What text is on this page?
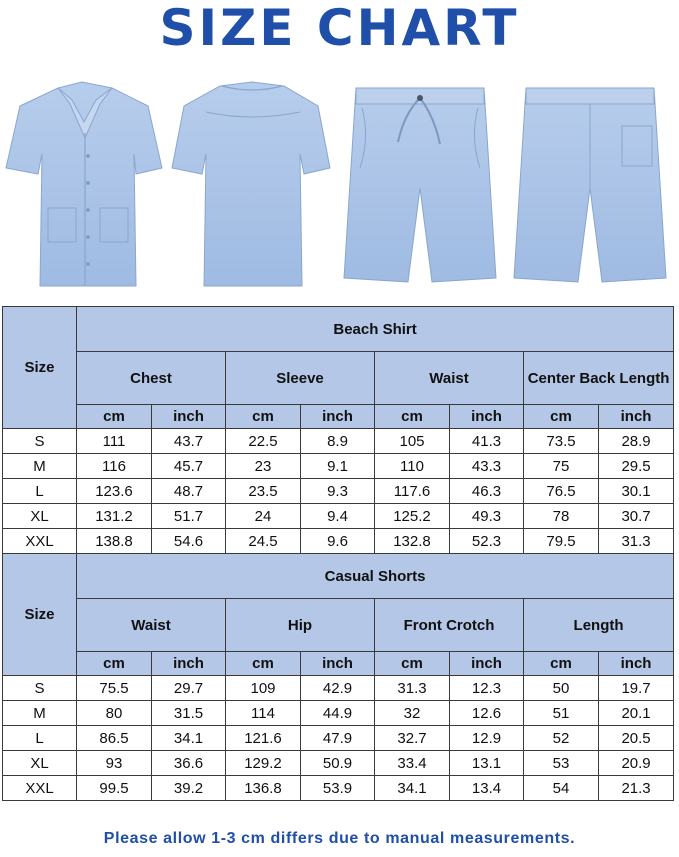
SIZE CHART
Size	Beach Shirt							
	Chest		Sleeve		Waist		Center Back Length	
	cm	inch	cm	inch	cm	inch	cm	inch
S	111	43.7	22.5	8.9	105	41.3	73.5	28.9
M	116	45.7	23	9.1	110	43.3	75	29.5
L	123.6	48.7	23.5	9.3	117.6	46.3	76.5	30.1
XL	131.2	51.7	24	9.4	125.2	49.3	78	30.7
XXL	138.8	54.6	24.5	9.6	132.8	52.3	79.5	31.3
Size	Casual Shorts							
	Waist		Hip		Front Crotch		Length	
	cm	inch	cm	inch	cm	inch	cm	inch
S	75.5	29.7	109	42.9	31.3	12.3	50	19.7
M	80	31.5	114	44.9	32	12.6	51	20.1
L	86.5	34.1	121.6	47.9	32.7	12.9	52	20.5
XL	93	36.6	129.2	50.9	33.4	13.1	53	20.9
XXL	99.5	39.2	136.8	53.9	34.1	13.4	54	21.3
Please allow 1-3 cm differs due to manual measurements.
